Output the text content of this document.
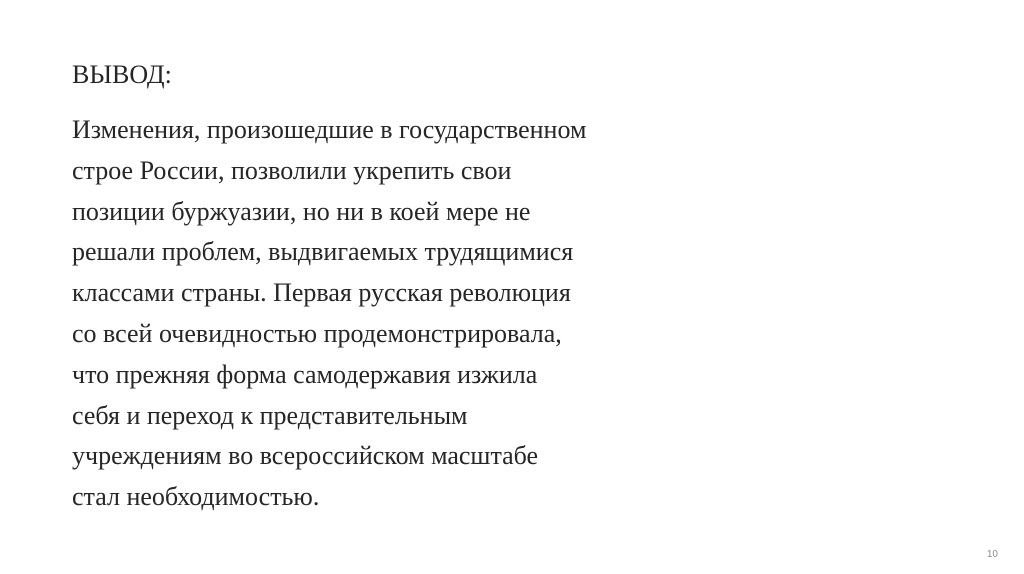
ВЫВОД:
Изменения, произошедшие в государственном
строе России, позволили укрепить свои
позиции буржуазии, но ни в коей мере не
решали проблем, выдвигаемых трудящимися
классами страны. Первая русская революция
со всей очевидностью продемонстрировала,
что прежняя форма самодержавия изжила
себя и переход к представительным
учреждениям во всероссийском масштабе
стал необходимостью.
10
